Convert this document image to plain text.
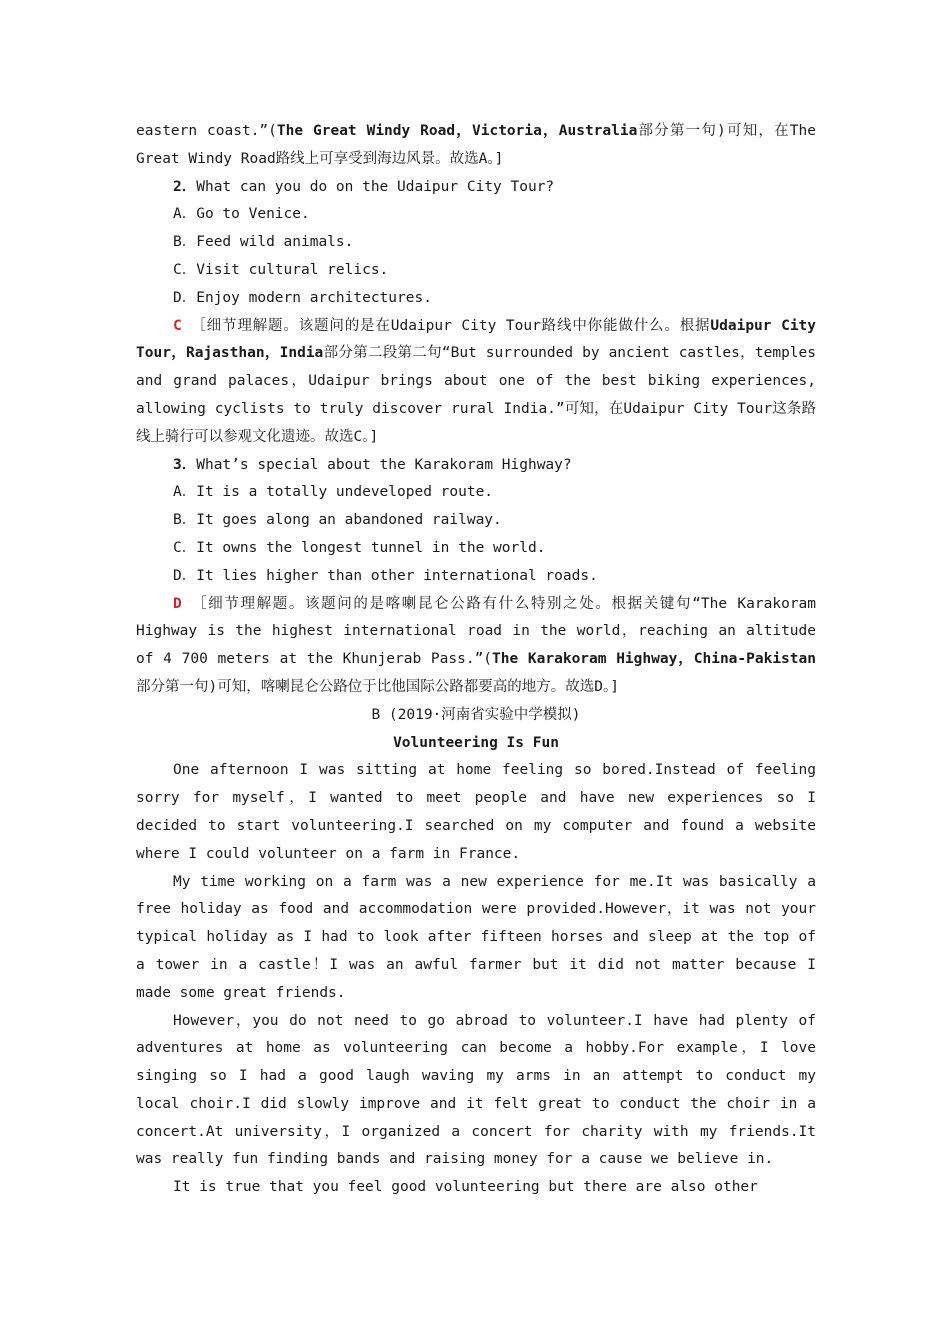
eastern coast.”(The Great Windy Road，Victoria，Australia部分第一句)可知，在The Great Windy Road路线上可享受到海边风景。故选A。]

2．What can you do on the Udaipur City Tour?

A．Go to Venice.

B．Feed wild animals.

C．Visit cultural relics.

D．Enjoy modern architectures.

C ［细节理解题。该题问的是在Udaipur City Tour路线中你能做什么。根据Udaipur City Tour，Rajasthan，India部分第二段第二句“But surrounded by ancient castles，temples and grand palaces，Udaipur brings about one of the best biking experiences, allowing cyclists to truly discover rural India.”可知，在Udaipur City Tour这条路线上骑行可以参观文化遗迹。故选C。]

3．What’s special about the Karakoram Highway?

A．It is a totally undeveloped route.

B．It goes along an abandoned railway.

C．It owns the longest tunnel in the world.

D．It lies higher than other international roads.

D ［细节理解题。该题问的是喀喇昆仑公路有什么特别之处。根据关键句“The Karakoram Highway is the highest international road in the world，reaching an altitude of 4 700 meters at the Khunjerab Pass.”(The Karakoram Highway，China-Pakistan部分第一句)可知，喀喇昆仑公路位于比他国际公路都要高的地方。故选D。]

B (2019·河南省实验中学模拟)

Volunteering Is Fun

One afternoon I was sitting at home feeling so bored.Instead of feeling sorry for myself，I wanted to meet people and have new experiences so I decided to start volunteering.I searched on my computer and found a website where I could volunteer on a farm in France.

My time working on a farm was a new experience for me.It was basically a free holiday as food and accommodation were provided.However，it was not your typical holiday as I had to look after fifteen horses and sleep at the top of a tower in a castle！I was an awful farmer but it did not matter because I made some great friends.

However，you do not need to go abroad to volunteer.I have had plenty of adventures at home as volunteering can become a hobby.For example，I love singing so I had a good laugh waving my arms in an attempt to conduct my local choir.I did slowly improve and it felt great to conduct the choir in a concert.At university，I organized a concert for charity with my friends.It was really fun finding bands and raising money for a cause we believe in.

It is true that you feel good volunteering but there are also other
